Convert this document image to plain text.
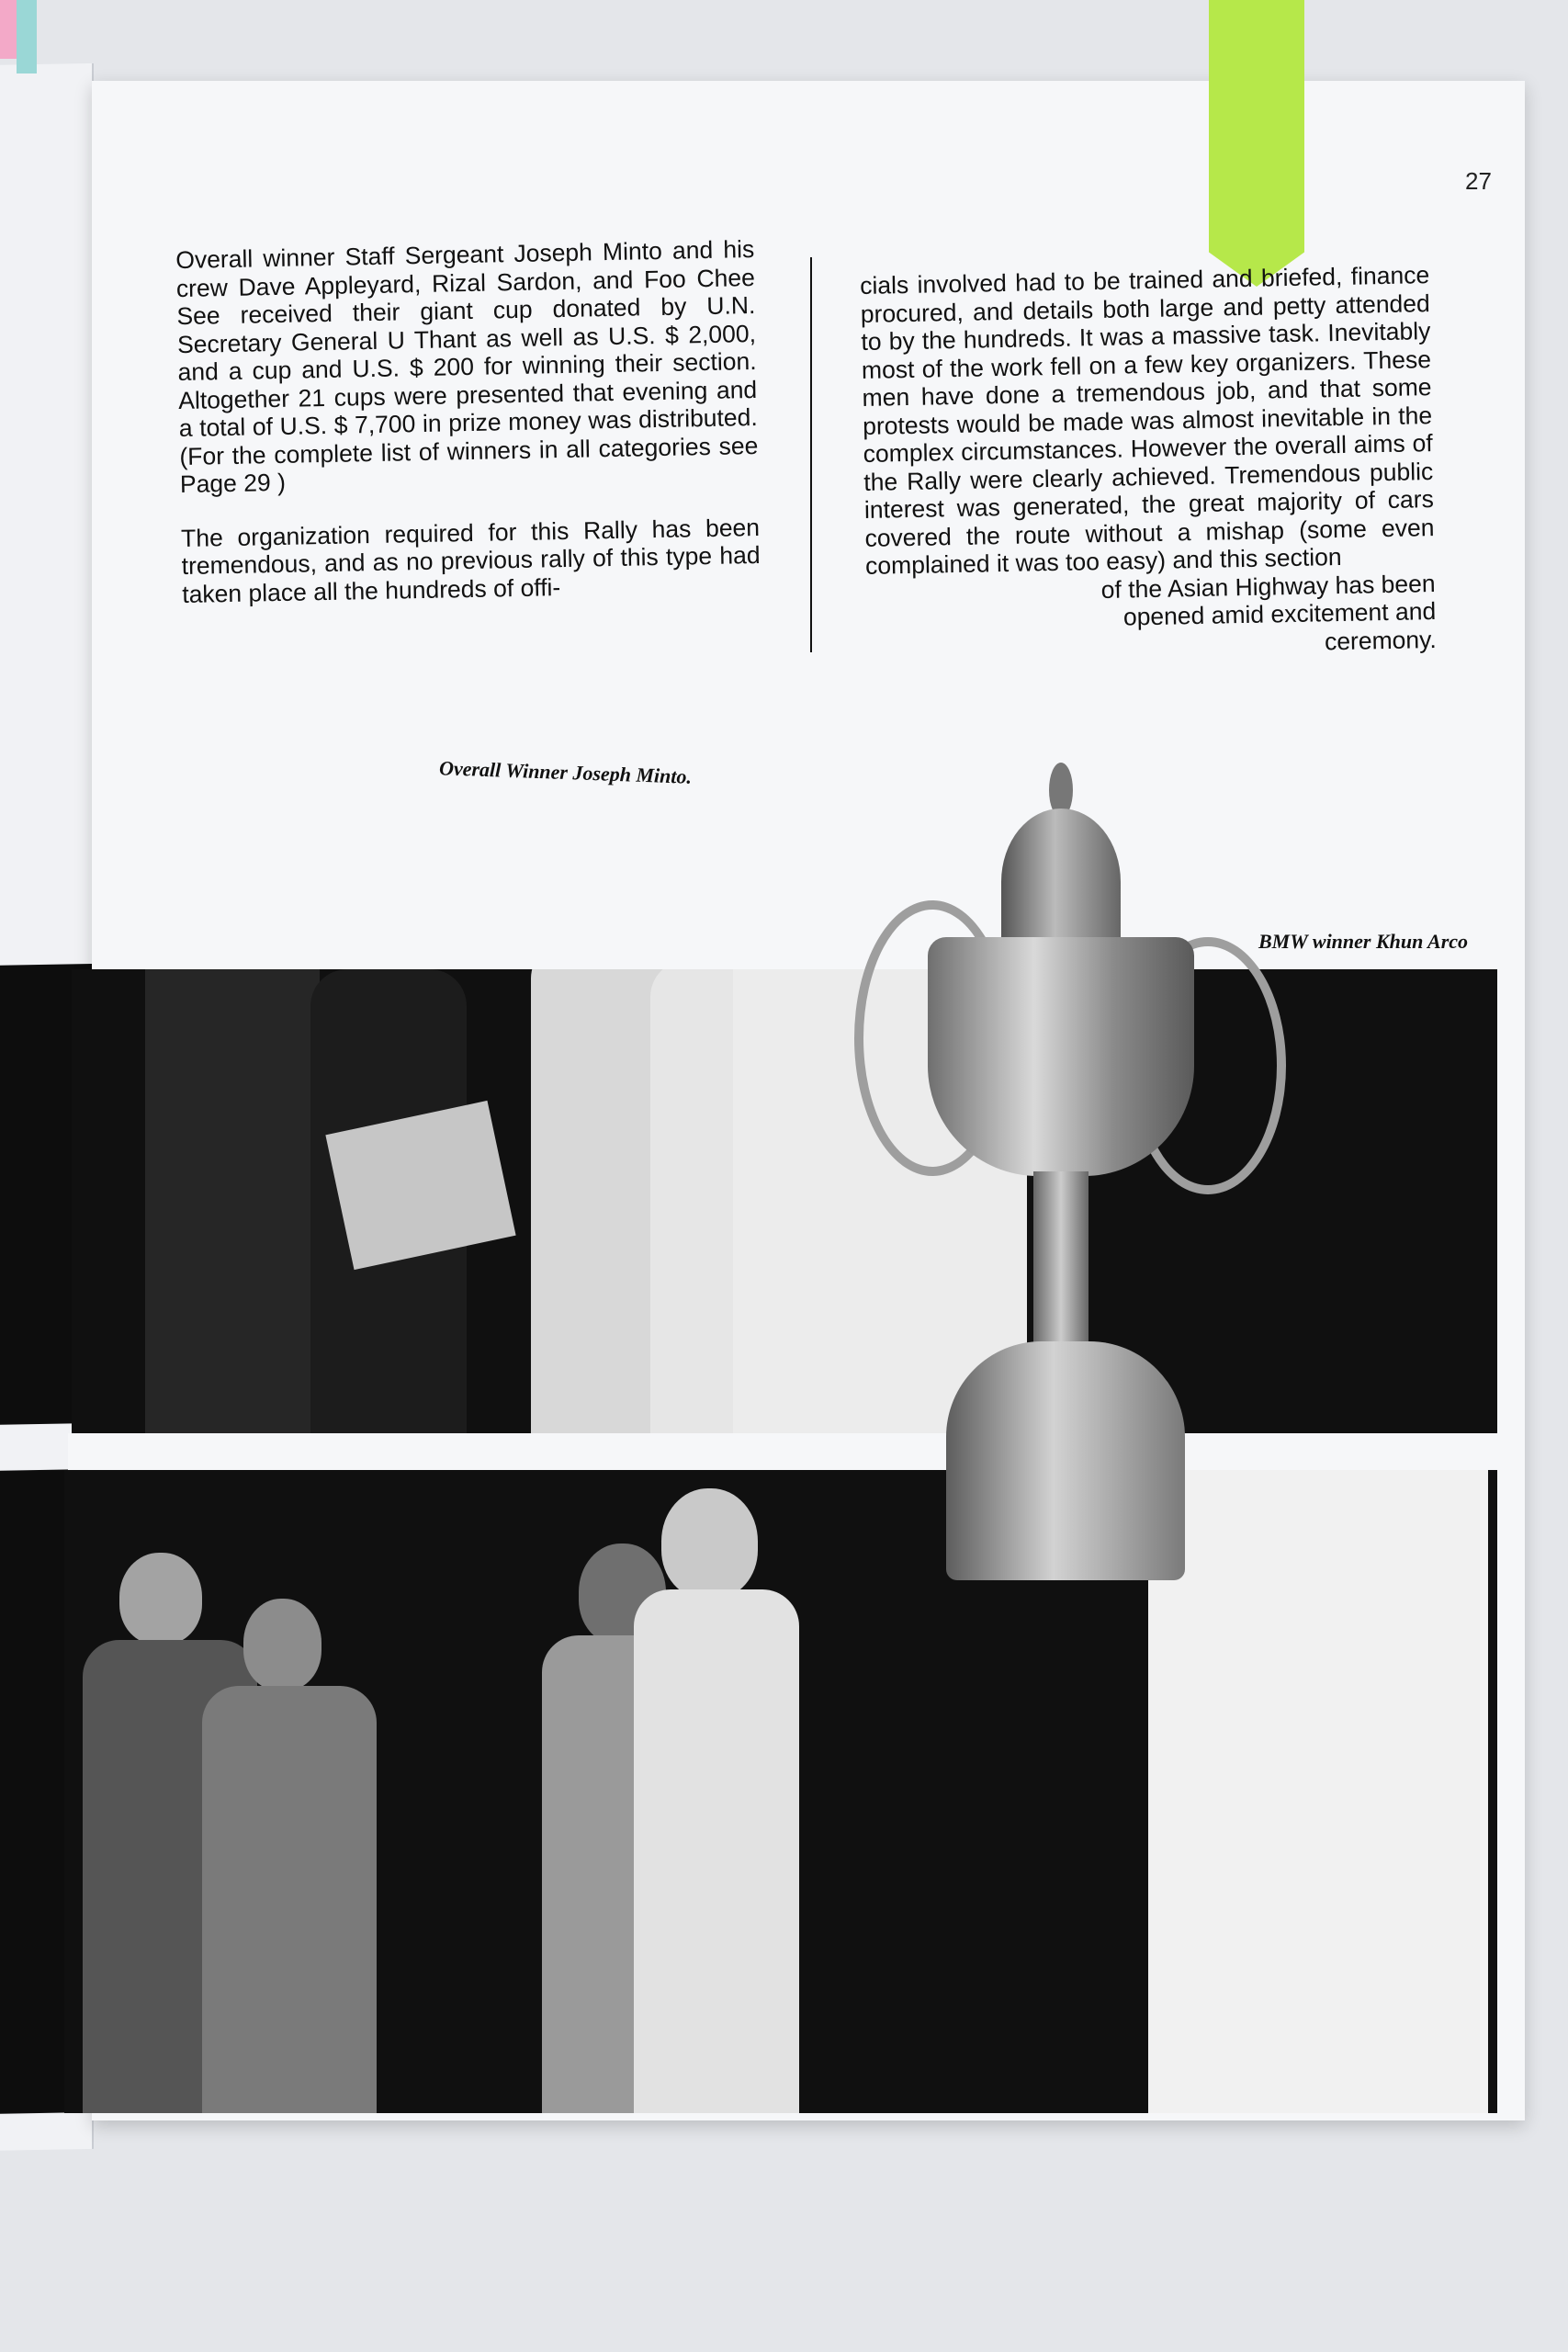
27

Overall winner Staff Sergeant Joseph Minto and his crew Dave Appleyard, Rizal Sardon, and Foo Chee See received their giant cup donated by U.N. Secretary General U Thant as well as U.S. $ 2,000, and a cup and U.S. $ 200 for winning their section. Altogether 21 cups were presented that evening and a total of U.S. $ 7,700 in prize money was distributed. (For the complete list of winners in all categories see Page 29 )

The organization required for this Rally has been tremendous, and as no previous rally of this type had taken place all the hundreds of offi-

cials involved had to be trained and briefed, finance procured, and details both large and petty attended to by the hundreds. It was a massive task. Inevitably most of the work fell on a few key organizers. These men have done a tremendous job, and that some protests would be made was almost inevitable in the complex circumstances. However the overall aims of the Rally were clearly achieved. Tremendous public interest was generated, the great majority of cars covered the route without a mishap (some even complained it was too easy) and this section

of the Asian Highway has been

opened amid excitement and

ceremony.

Overall Winner Joseph Minto.
BMW winner Khun Arco
